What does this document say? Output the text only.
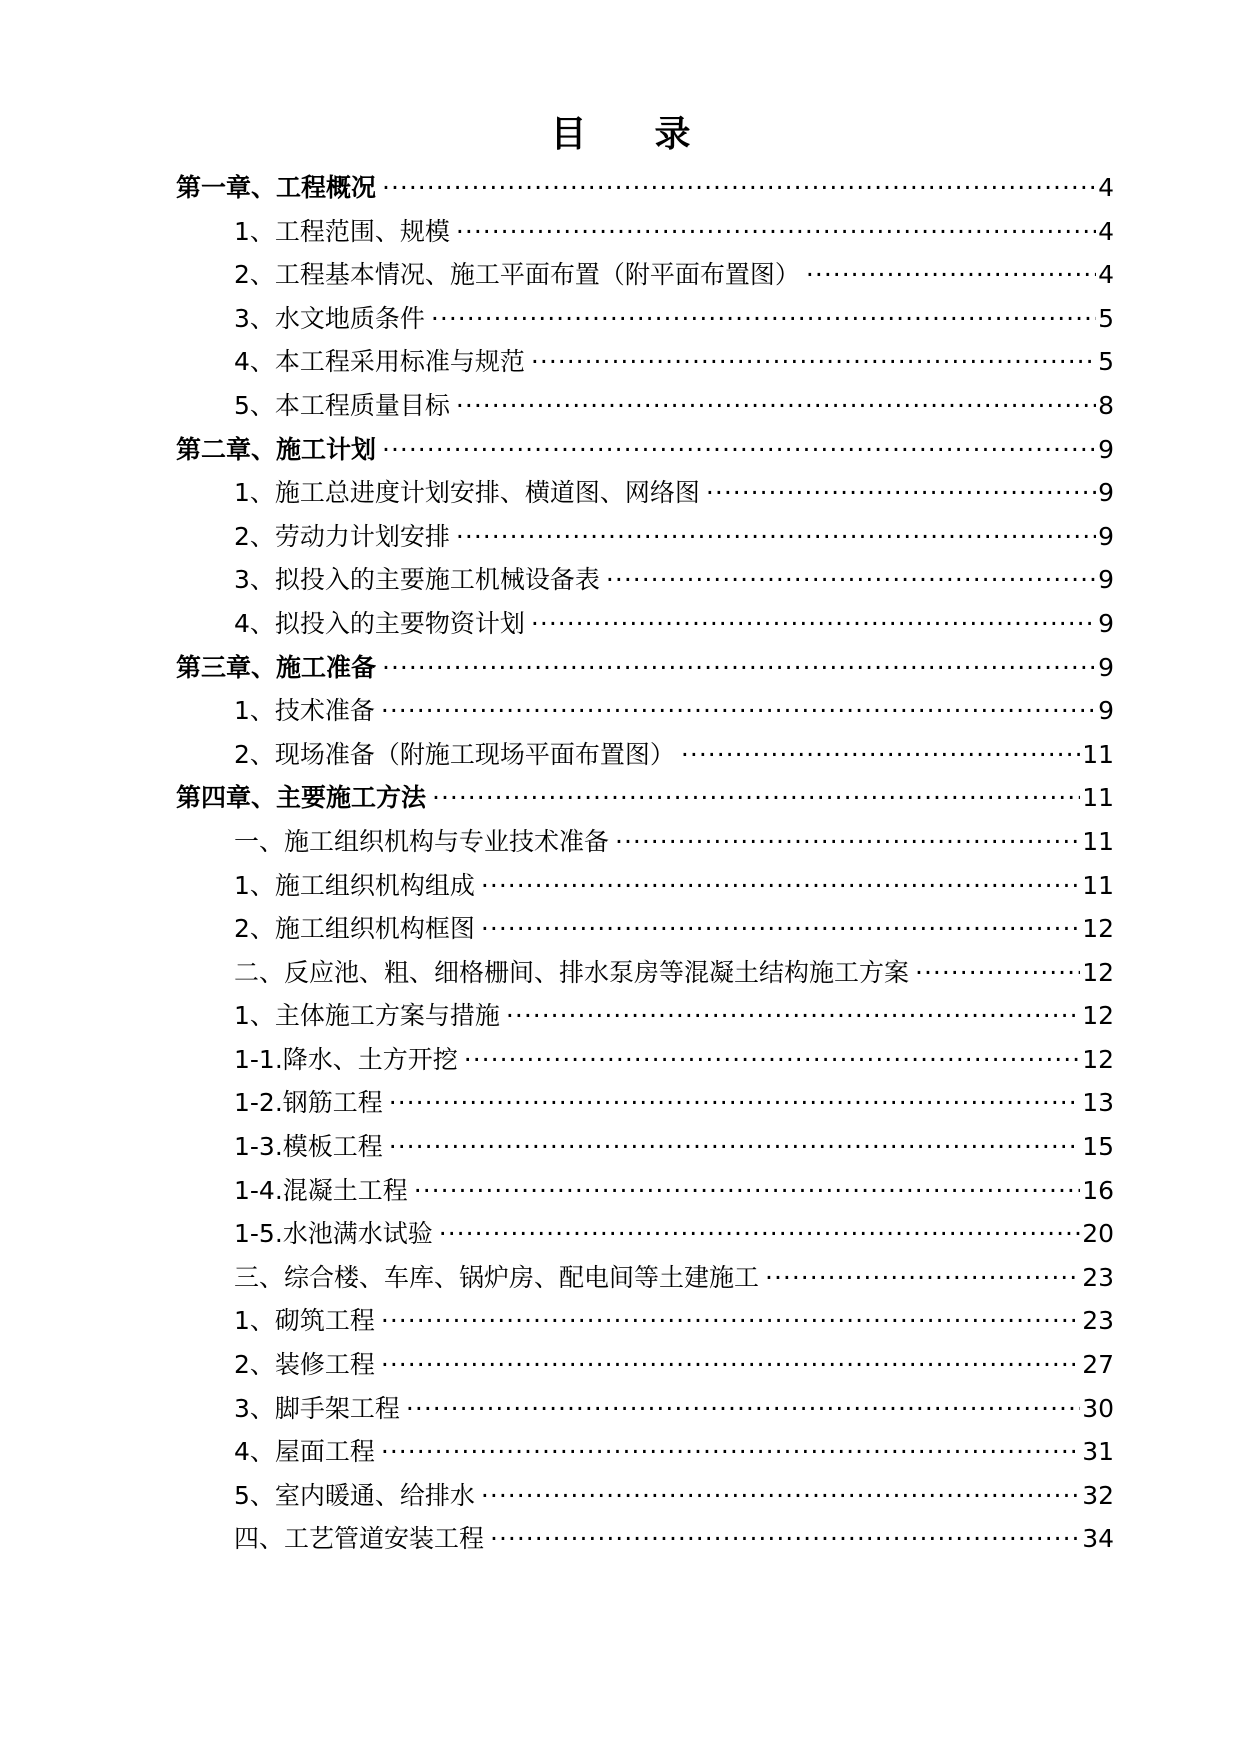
目 录
第一章、工程概况 ·····	4
1、工程范围、规模 ·····	4
2、工程基本情况、施工平面布置（附平面布置图） ·····	4
3、水文地质条件 ·····	5
4、本工程采用标准与规范 ·····	5
5、本工程质量目标 ·····	8
第二章、施工计划 ·····	9
1、施工总进度计划安排、横道图、网络图 ·····	9
2、劳动力计划安排 ·····	9
3、拟投入的主要施工机械设备表 ·····	9
4、拟投入的主要物资计划 ·····	9
第三章、施工准备 ·····	9
1、技术准备 ·····	9
2、现场准备（附施工现场平面布置图） ·····	11
第四章、主要施工方法 ·····	11
一、施工组织机构与专业技术准备 ·····	11
1、施工组织机构组成 ·····	11
2、施工组织机构框图 ·····	12
二、反应池、粗、细格栅间、排水泵房等混凝土结构施工方案 ·····	12
1、主体施工方案与措施 ·····	12
1-1.降水、土方开挖 ·····	12
1-2.钢筋工程 ·····	13
1-3.模板工程 ·····	15
1-4.混凝土工程 ·····	16
1-5.水池满水试验 ·····	20
三、综合楼、车库、锅炉房、配电间等土建施工 ·····	23
1、砌筑工程 ·····	23
2、装修工程 ·····	27
3、脚手架工程 ·····	30
4、屋面工程 ·····	31
5、室内暖通、给排水 ·····	32
四、工艺管道安装工程 ·····	34
